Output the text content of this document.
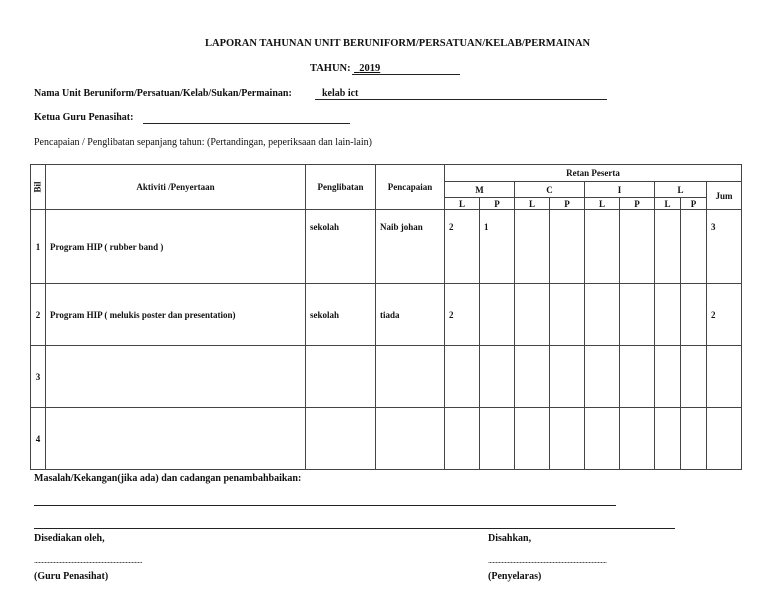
LAPORAN TAHUNAN UNIT BERUNIFORM/PERSATUAN/KELAB/PERMAINAN
TAHUN: 2019
Nama Unit Beruniform/Persatuan/Kelab/Sukan/Permainan:	kelab ict
Ketua Guru Penasihat:
Pencapaian / Penglibatan sepanjang tahun: (Pertandingan, peperiksaan dan lain-lain)
Bil	Aktiviti /Penyertaan	Penglibatan	Pencapaian	Retan Peserta								
				M		C		I		L		Jum
				L	P	L	P	L	P	L	P	
1	Program HIP ( rubber band )	sekolah	Naib johan	2	1							3
2	Program HIP ( melukis poster dan presentation)	sekolah	tiada	2								2
3												
4												
Masalah/Kekangan(jika ada) dan cadangan penambahbaikan:
Disediakan oleh,	Disahkan,
........................................................................	...............................................................................
(Guru Penasihat)	(Penyelaras)
